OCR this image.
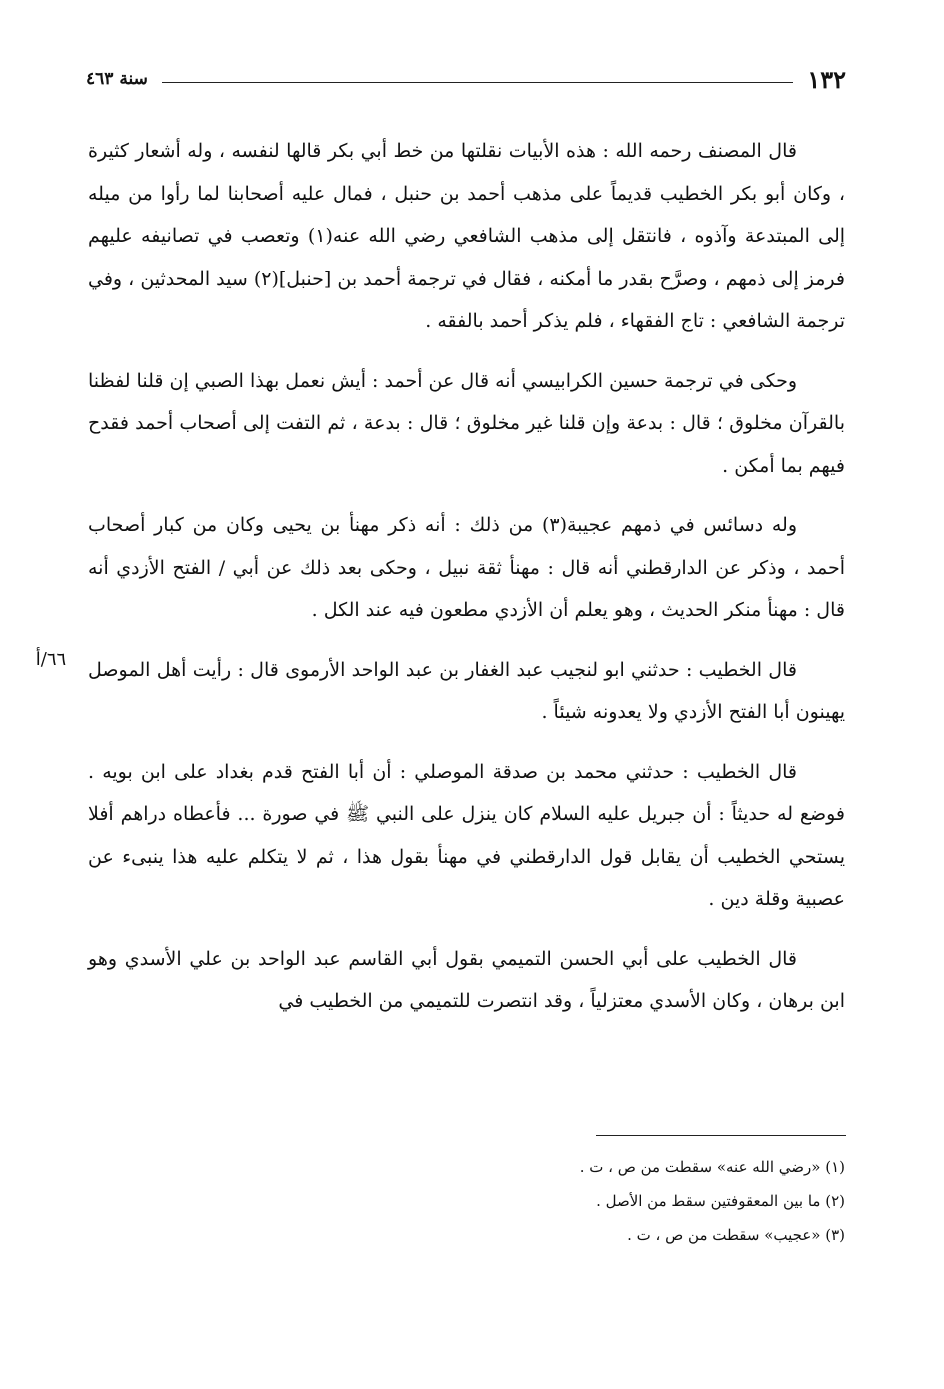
١٣٢
سنة ٤٦٣

قال المصنف رحمه الله : هذه الأبيات نقلتها من خط أبي بكر قالها لنفسه ، وله أشعار كثيرة ، وكان أبو بكر الخطيب قديماً على مذهب أحمد بن حنبل ، فمال عليه أصحابنا لما رأوا من ميله إلى المبتدعة وآذوه ، فانتقل إلى مذهب الشافعي رضي الله عنه(١) وتعصب في تصانيفه عليهم فرمز إلى ذمهم ، وصرَّح بقدر ما أمكنه ، فقال في ترجمة أحمد بن [حنبل](٢) سيد المحدثين ، وفي ترجمة الشافعي : تاج الفقهاء ، فلم يذكر أحمد بالفقه .

وحكى في ترجمة حسين الكرابيسي أنه قال عن أحمد : أيش نعمل بهذا الصبي إن قلنا لفظنا بالقرآن مخلوق ؛ قال : بدعة وإن قلنا غير مخلوق ؛ قال : بدعة ، ثم التفت إلى أصحاب أحمد فقدح فيهم بما أمكن .

وله دسائس في ذمهم عجيبة(٣) من ذلك : أنه ذكر مهنأ بن يحيى وكان من كبار أصحاب أحمد ، وذكر عن الدارقطني أنه قال : مهنأ ثقة نبيل ، وحكى بعد ذلك عن أبي / الفتح الأزدي أنه قال : مهنأ منكر الحديث ، وهو يعلم أن الأزدي مطعون فيه عند الكل .

قال الخطيب : حدثني ابو لنجيب عبد الغفار بن عبد الواحد الأرموى قال : رأيت أهل الموصل يهينون أبا الفتح الأزدي ولا يعدونه شيئاً .

قال الخطيب : حدثني محمد بن صدقة الموصلي : أن أبا الفتح قدم بغداد على ابن بويه . فوضع له حديثاً : أن جبريل عليه السلام كان ينزل على النبي ﷺ في صورة ... فأعطاه دراهم أفلا يستحي الخطيب أن يقابل قول الدارقطني في مهنأ بقول هذا ، ثم لا يتكلم عليه هذا ينبىء عن عصبية وقلة دين .

قال الخطيب على أبي الحسن التميمي بقول أبي القاسم عبد الواحد بن علي الأسدي وهو ابن برهان ، وكان الأسدي معتزلياً ، وقد انتصرت للتميمي من الخطيب في

٦٦/أ
(١) «رضي الله عنه» سقطت من ص ، ت .
(٢) ما بين المعقوفتين سقط من الأصل .
(٣) «عجيب» سقطت من ص ، ت .
